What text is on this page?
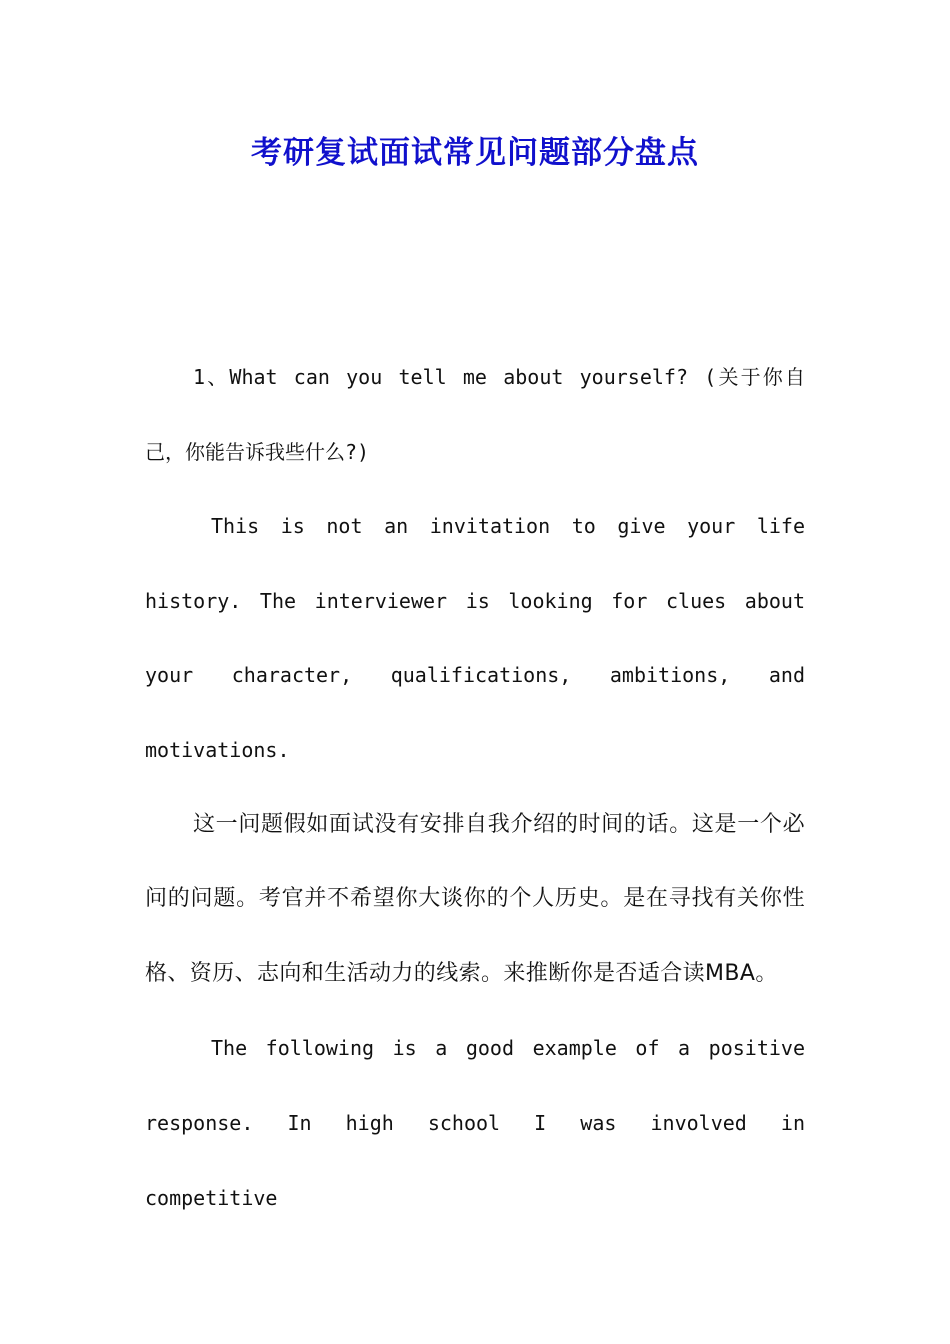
考研复试面试常见问题部分盘点

1、What can you tell me about yourself? (关于你自己，你能告诉我些什么?)

This is not an invitation to give your life history. The interviewer is looking for clues about your character, qualifications, ambitions, and motivations.

这一问题假如面试没有安排自我介绍的时间的话。这是一个必问的问题。考官并不希望你大谈你的个人历史。是在寻找有关你性格、资历、志向和生活动力的线索。来推断你是否适合读MBA。

The following is a good example of a positive response. In high school I was involved in competitive
